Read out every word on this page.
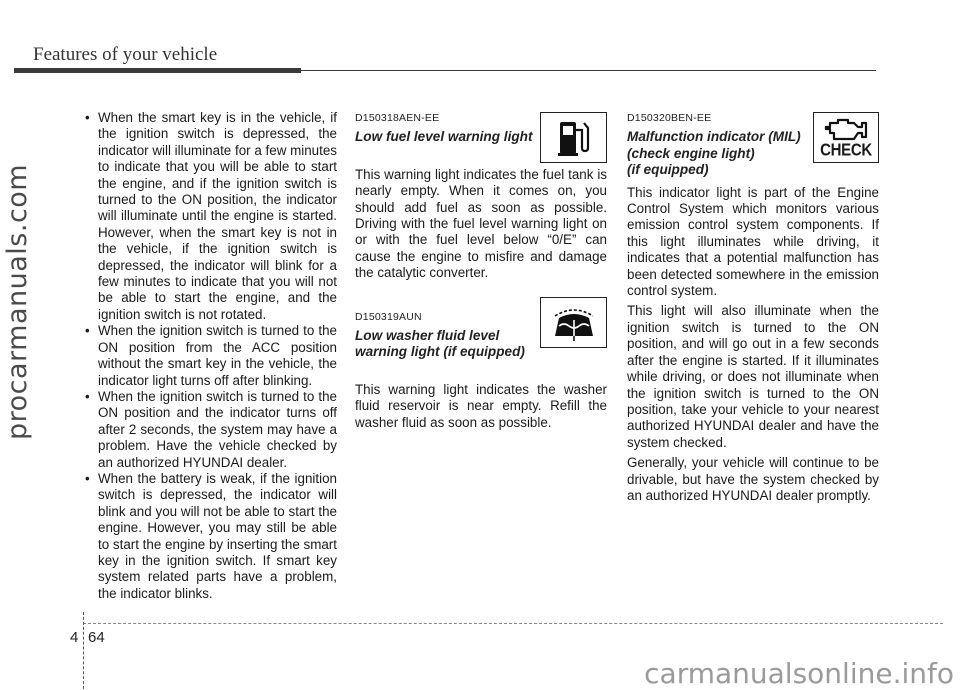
Features of your vehicle
procarmanuals.com
• When the smart key is in the vehicle, if the ignition switch is depressed, the indicator will illuminate for a few minutes to indicate that you will be able to start the engine, and if the ignition switch is turned to the ON position, the indicator will illuminate until the engine is started. However, when the smart key is not in the vehicle, if the ignition switch is depressed, the indicator will blink for a few minutes to indicate that you will not be able to start the engine, and the ignition switch is not rotated.
• When the ignition switch is turned to the ON position from the ACC position without the smart key in the vehicle, the indicator light turns off after blinking.
• When the ignition switch is turned to the ON position and the indicator turns off after 2 seconds, the system may have a problem. Have the vehicle checked by an authorized HYUNDAI dealer.
• When the battery is weak, if the ignition switch is depressed, the indicator will blink and you will not be able to start the engine. However, you may still be able to start the engine by inserting the smart key in the ignition switch. If smart key system related parts have a problem, the indicator blinks.
D150318AEN-EE
Low fuel level warning light
This warning light indicates the fuel tank is nearly empty. When it comes on, you should add fuel as soon as possible. Driving with the fuel level warning light on or with the fuel level below “0/E” can cause the engine to misfire and damage the catalytic converter.
D150319AUN
Low washer fluid level
warning light (if equipped)
This warning light indicates the washer fluid reservoir is near empty. Refill the washer fluid as soon as possible.
D150320BEN-EE
Malfunction indicator (MIL)
(check engine light)
(if equipped)
CHECK
This indicator light is part of the Engine Control System which monitors various emission control system components. If this light illuminates while driving, it indicates that a potential malfunction has been detected somewhere in the emission control system.
This light will also illuminate when the ignition switch is turned to the ON position, and will go out in a few seconds after the engine is started. If it illuminates while driving, or does not illuminate when the ignition switch is turned to the ON position, take your vehicle to your nearest authorized HYUNDAI dealer and have the system checked.
Generally, your vehicle will continue to be drivable, but have the system checked by an authorized HYUNDAI dealer promptly.
4 64
carmanualsonline.info
